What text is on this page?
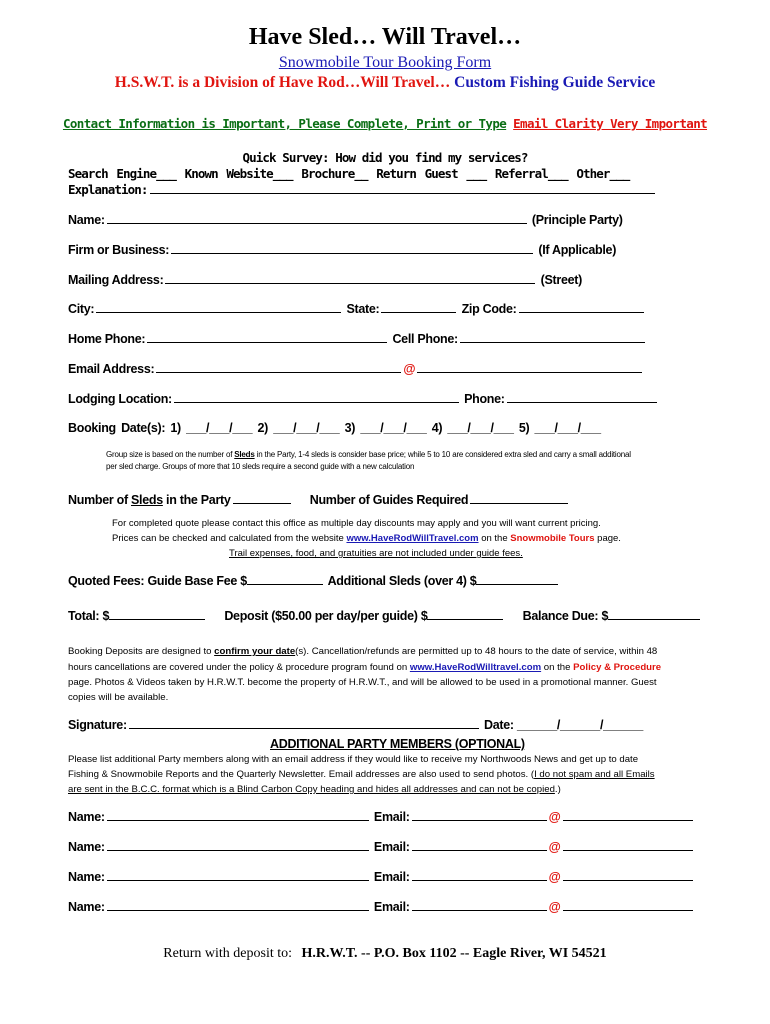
Have Sled… Will Travel…
Snowmobile Tour Booking Form
H.S.W.T. is a Division of Have Rod…Will Travel… Custom Fishing Guide Service
Contact Information is Important, Please Complete, Print or Type Email Clarity Very Important
Quick Survey: How did you find my services?
Search Engine___ Known Website___ Brochure__ Return Guest ___ Referral___ Other___
Explanation:
Name:	(Principle Party)
Firm or Business:	(If Applicable)
Mailing Address:	(Street)
City:	State:	Zip Code:
Home Phone:	Cell Phone:
Email Address:	@
Lodging Location:	Phone:
Booking Date(s): 1) ___/___/___ 2) ___/___/___ 3) ___/___/___ 4) ___/___/___ 5) ___/___/___
Group size is based on the number of Sleds in the Party, 1-4 sleds is consider base price; while 5 to 10 are considered extra sled and carry a small additional
per sled charge. Groups of more that 10 sleds require a second guide with a new calculation
Number of Sleds in the Party	Number of Guides Required
For completed quote please contact this office as multiple day discounts may apply and you will want current pricing.
Prices can be checked and calculated from the website www.HaveRodWillTravel.com on the Snowmobile Tours page.
Trail expenses, food, and gratuities are not included under guide fees.
Quoted Fees: Guide Base Fee $	Additional Sleds (over 4) $
Total: $	Deposit ($50.00 per day/per guide) $	Balance Due: $
Booking Deposits are designed to confirm your date(s). Cancellation/refunds are permitted up to 48 hours to the date of service, within 48
hours cancellations are covered under the policy & procedure program found on www.HaveRodWilltravel.com on the Policy & Procedure
page. Photos & Videos taken by H.R.W.T. become the property of H.R.W.T., and will be allowed to be used in a promotional manner. Guest
copies will be available.
Signature:	Date: ______/______/______
ADDITIONAL PARTY MEMBERS (OPTIONAL)
Please list additional Party members along with an email address if they would like to receive my Northwoods News and get up to date
Fishing & Snowmobile Reports and the Quarterly Newsletter. Email addresses are also used to send photos. (I do not spam and all Emails
are sent in the B.C.C. format which is a Blind Carbon Copy heading and hides all addresses and can not be copied.)
Name:	Email:	@
Name:	Email:	@
Name:	Email:	@
Name:	Email:	@
Return with deposit to: H.R.W.T. -- P.O. Box 1102 -- Eagle River, WI 54521
